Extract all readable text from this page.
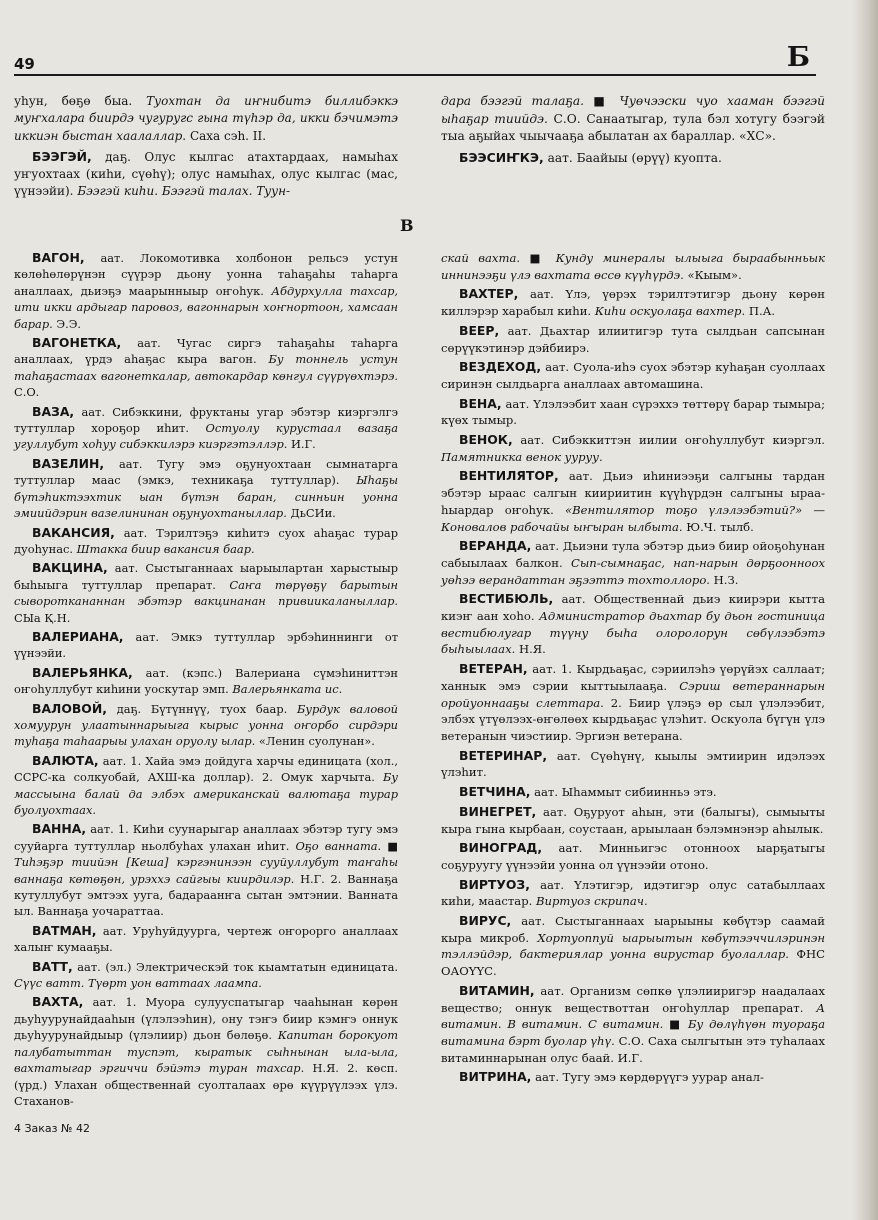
49	Б

уһун, бөҕө быа. Туохтан да иҥнибитэ биллибэккэ муҥхалара биирдэ чугуругс гына түһэр да, икки бэчимэтэ иккиэн быстан хаалаллар. Саха сэһ. II.

БЭЭГЭЙ, даҕ. Олус кылгас атахтардаах, намыһах уҥуохтаах (киһи, сүөһү); олус намыһах, олус кылгас (мас, үүнээйи). Бээгэй киһи. Бээгэй талах. Туун-

дара бээгэй талаҕа. ■ Чуөчээски чуо хааман бээгэй ыһаҕар тиийдэ. С.О. Санаатыгар, тула бэл хотугу бээгэй тыа аҕыйах чыычааҕа абылатан ах бараллар. «ХС».

БЭЭСИҤКЭ, аат. Баайыы (өрүү) куопта.

В

ВАГОН, аат. Локомотивка холбонон рельсэ устун көлөһөлөрүнэн сүүрэр дьону уонна таһаҕаһы таһарга аналлаах, дьиэҕэ маарынныыр оҥоһук. Абдурхулла тахсар, ити икки ардыгар паровоз, вагоннарын хоҥнортоон, хамсаан барар. Э.Э.

ВАГОНЕТКА, аат. Чугас сиргэ таһаҕаһы таһарга аналлаах, үрдэ аһаҕас кыра вагон. Бу тоннель устун таһаҕастаах вагонеткалар, автокардар көнгул сүүрүөхтэрэ. С.О.

ВАЗА, аат. Сибэккини, фруктаны угар эбэтэр киэргэлгэ туттуллар хороҕор иһит. Остуолу курустаал вазаҕа угуллубут хоһуу сибэккилэрэ киэргэтэллэр. И.Г.

ВАЗЕЛИН, аат. Тугу эмэ оҕунуохтаан сымнатарга туттуллар маас (эмкэ, техникаҕа туттуллар). Ыһаҕы бүтэһиктээхтик ыан бүтэн баран, синньин уонна эмиийдэрин вазелининан оҕунуохтаныллар. ДьСИи.

ВАКАНСИЯ, аат. Тэрилтэҕэ киһитэ суох аһаҕас турар дуоһунас. Штакка биир вакансия баар.

ВАКЦИНА, аат. Сыстыганнаах ыарыылартан харыстыыр быһыыга туттуллар препарат. Саҥа төрүөҕү барытын сывороткананнан эбэтэр вакцинанан привиикаланыллар. СЫа Қ.Н.

ВАЛЕРИАНА, аат. Эмкэ туттуллар эрбэһиннинги от үүнээйи.

ВАЛЕРЬЯНКА, аат. (кэпс.) Валериана сүмэһиниттэн оҥоһуллубут киһини уоскутар эмп. Валерьянката ис.

ВАЛОВОЙ, даҕ. Бүтүннүү, туох баар. Бурдук валовой хомуурун улаатыннарыыга кырыс уонна оҥорбо сирдэри туһаҕа таһаарыы улахан оруолу ылар. «Ленин суолунан».

ВАЛЮТА, аат. 1. Хайа эмэ дойдуга харчы единицата (хол., ССРС-ка солкуобай, АХШ-ка доллар). 2. Омук харчыта. Бу массыына балай да элбэх американскай валютаҕа турар буолуохтаах.

ВАННА, аат. 1. Киһи суунарыгар аналлаах эбэтэр тугу эмэ сууйарга туттуллар ньолбуһах улахан иһит. Оҕо ванната. ■ Тиһэҕэр тиийэн [Кеша] кэргэнинээн сууйуллубут таҥаһы ваннаҕа көтөҕөн, урэххэ сайгыы киирдилэр. Н.Г. 2. Ваннаҕа кутуллубут эмтээх ууга, бадараанҥа сытан эмтэнии. Ванната ыл. Ваннаҕа уочараттаа.

ВАТМАН, аат. Уруһуйдуурга, чертеж оҥорорго аналлаах халыҥ кумааҕы.

ВАТТ, аат. (эл.) Электрическэй ток кыамтатын единицата. Сүүс ватт. Түөрт уон ваттаах лаампа.

ВАХТА, аат. 1. Муора сулууспатыгар чааһынан көрөн дьуһуурунайдааһын (үлэлээһин), ону тэҥэ биир кэмҥэ оннук дьуһуурунайдыыр (үлэлиир) дьон бөлөҕө. Капитан борокуот палубатыттан туспэт, кыратык сыһнынан ыла-ыла, вахтатыгар эргиччи бэйэтэ туран тахсар. Н.Я. 2. көсп. (үрд.) Улахан общественнай суолталаах өрө күүрүүлээх үлэ. Стаханов-

скай вахта. ■ Кунду минералы ылыыга быраабынньык иннинээҕи үлэ вахтата өссө күүһүрдэ. «Кыым».

ВАХТЕР, аат. Үлэ, үөрэх тэрилтэтигэр дьону көрөн киллэрэр харабыл киһи. Киһи оскуолаҕа вахтер. П.А.

ВЕЕР, аат. Дьахтар илиитигэр тута сылдьан сапсынан сөрүүкэтинэр дэйбиирэ.

ВЕЗДЕХОД, аат. Суола-иһэ суох эбэтэр куһаҕан суоллаах сиринэн сылдьарга аналлаах автомашина.

ВЕНА, аат. Үлэлээбит хаан сүрэххэ төттөрү барар тымыра; күөх тымыр.

ВЕНОК, аат. Сибэккиттэн иилии оҥоһуллубут киэргэл. Памятникка венок ууруу.

ВЕНТИЛЯТОР, аат. Дьиэ иһиниээҕи салгыны тардан эбэтэр ыраас салгын киириитин күүһүрдэн салгыны ырааһыардар оҥоһук. «Вентилятор тоҕо үлэлээбэтий?» — Коновалов рабочайы ыҥыран ылбыта. Ю.Ч. тылб.

ВЕРАНДА, аат. Дьиэни тула эбэтэр дьиэ биир ойоҕоһунан сабыылаах балкон. Сып-сымнаҕас, нап-нарын дөрҕоонноох уөһээ верандаттан эҕээттэ тохтоллоро. Н.З.

ВЕСТИБЮЛЬ, аат. Общественнай дьиэ киирэри кытта киэҥ аан хоһо. Администратор дьахтар бу дьон гостиница вестибюлугар түүну быһа олоролорун сөбүлээбэтэ быһыылаах. Н.Я.

ВЕТЕРАН, аат. 1. Кырдьаҕас, сэриилэһэ үөрүйэх саллаат; ханнык эмэ сэрии кыттыылааҕа. Сэриш ветераннарын оройуоннааҕы слеттара. 2. Биир үлэҕэ өр сыл үлэлээбит, элбэх үтүөлээх-өҥөлөөх кырдьаҕас үлэһит. Оскуола бүгүн үлэ ветеранын чиэстиир. Эргиэн ветерана.

ВЕТЕРИНАР, аат. Сүөһүнү, кыылы эмтиирин идэлээх үлэһит.

ВЕТЧИНА, аат. Ыһаммыт сибиинньэ этэ.

ВИНЕГРЕТ, аат. Оҕуруот аһын, эти (балыгы), сымыыты кыра гына кырбаан, соустаан, арыылаан бэлэмнэнэр аһылык.

ВИНОГРАД, аат. Минньигэс отонноох ыарҕатыгы соҕуруугу үүнээйи уонна ол үүнээйи отоно.

ВИРТУОЗ, аат. Үлэтигэр, идэтигэр олус сатабыллаах киһи, маастар. Виртуоз скрипач.

ВИРУС, аат. Сыстыганнаах ыарыыны көбүтэр саамай кыра микроб. Хортуоппуй ыарыытын көбүтээччилэринэн тэллэйдэр, бактериялар уонна вирустар буолаллар. ФНС ОАОҮҮС.

ВИТАМИН, аат. Организм сөпкө үлэлииригэр наадалаах вещество; оннук веществоттан оҥоһуллар препарат. А витамин. В витамин. С витамин. ■ Бу дөлүһүөн туораҕа витамина бэрт буолар үһү. С.О. Саха сылгытын этэ туһалаах витаминнарынан олус баай. И.Г.

ВИТРИНА, аат. Тугу эмэ көрдөрүүгэ уурар анал-

4 Заказ № 42
